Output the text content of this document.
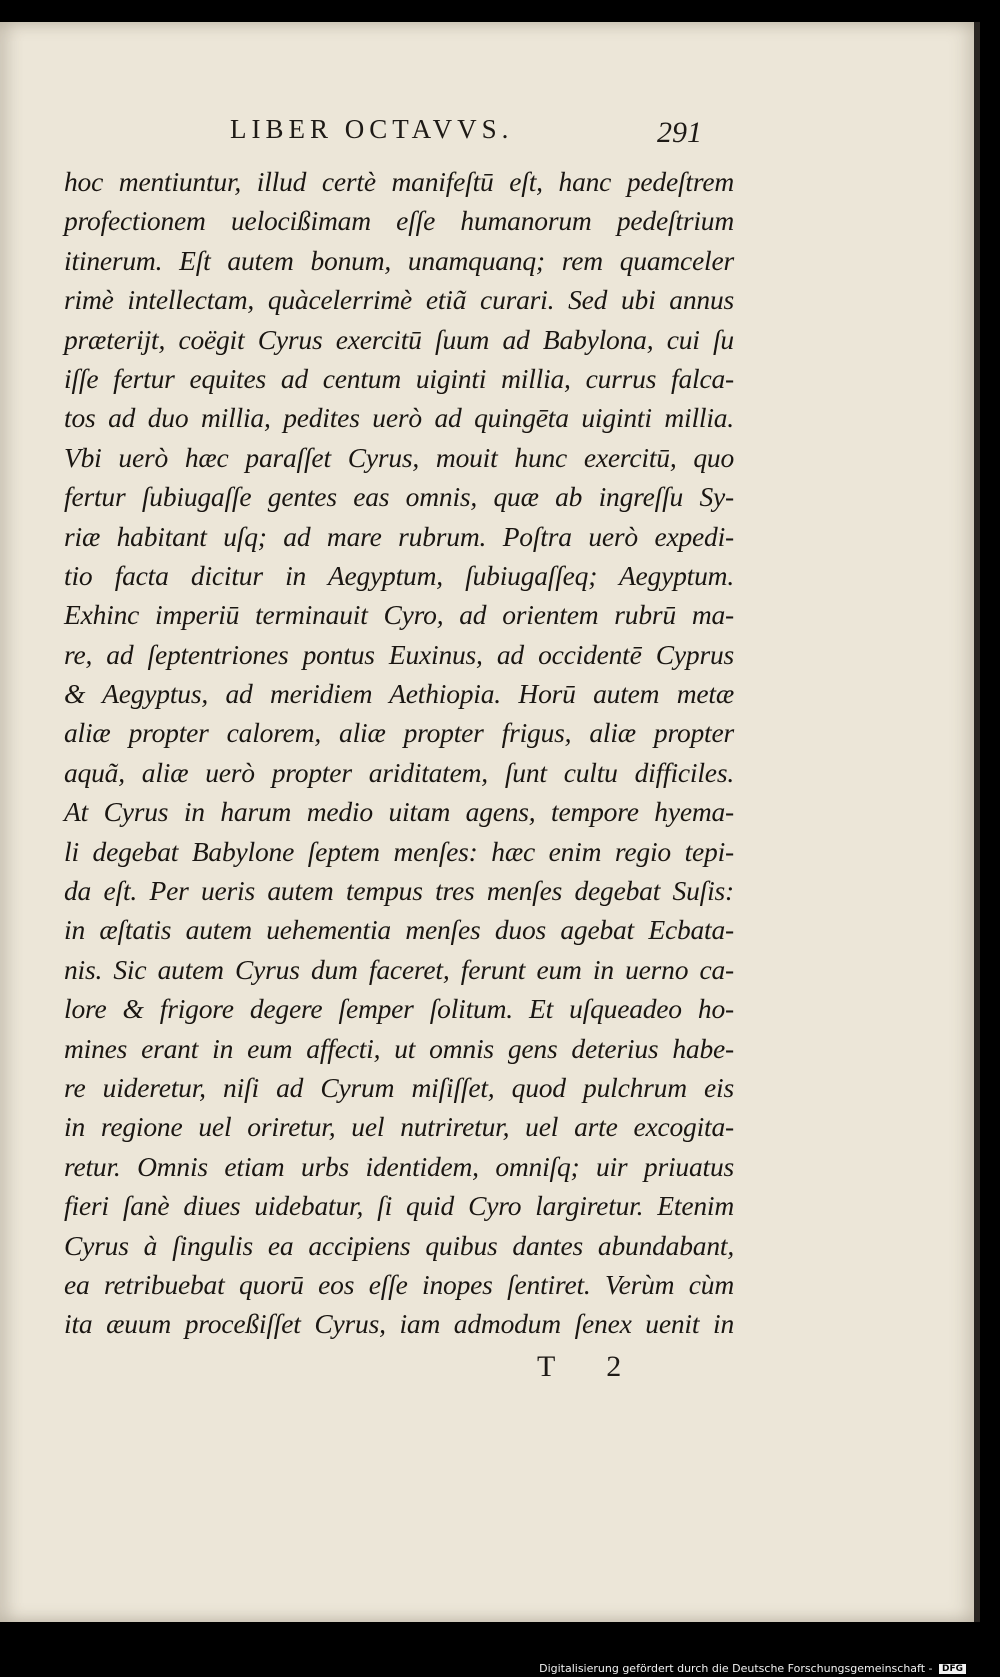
LIBER OCTAVVS.	291
hoc mentiuntur, illud certè manifeſtū eſt, hanc pedeſtrem
profectionem uelocißimam eſſe humanorum pedeſtrium
itinerum. Eſt autem bonum, unamquanq; rem quamceler
rimè intellectam, quàcelerrimè etiã curari. Sed ubi annus
præterijt, coëgit Cyrus exercitū ſuum ad Babylona, cui ſu
iſſe fertur equites ad centum uiginti millia, currus falca-
tos ad duo millia, pedites uerò ad quingēta uiginti millia.
Vbi uerò hæc paraſſet Cyrus, mouit hunc exercitū, quo
fertur ſubiugaſſe gentes eas omnis, quæ ab ingreſſu Sy-
riæ habitant uſq; ad mare rubrum. Poſtra uerò expedi-
tio facta dicitur in Aegyptum, ſubiugaſſeq; Aegyptum.
Exhinc imperiū terminauit Cyro, ad orientem rubrū ma-
re, ad ſeptentriones pontus Euxinus, ad occidentē Cyprus
& Aegyptus, ad meridiem Aethiopia. Horū autem metæ
aliæ propter calorem, aliæ propter frigus, aliæ propter
aquã, aliæ uerò propter ariditatem, ſunt cultu difficiles.
At Cyrus in harum medio uitam agens, tempore hyema-
li degebat Babylone ſeptem menſes: hæc enim regio tepi-
da eſt. Per ueris autem tempus tres menſes degebat Suſis:
in æſtatis autem uehementia menſes duos agebat Ecbata-
nis. Sic autem Cyrus dum faceret, ferunt eum in uerno ca-
lore & frigore degere ſemper ſolitum. Et uſqueadeo ho-
mines erant in eum affecti, ut omnis gens deterius habe-
re uideretur, niſi ad Cyrum miſiſſet, quod pulchrum eis
in regione uel oriretur, uel nutriretur, uel arte excogita-
retur. Omnis etiam urbs identidem, omniſq; uir priuatus
fieri ſanè diues uidebatur, ſi quid Cyro largiretur. Etenim
Cyrus à ſingulis ea accipiens quibus dantes abundabant,
ea retribuebat quorū eos eſſe inopes ſentiret. Verùm cùm
ita æuum proceßiſſet Cyrus, iam admodum ſenex uenit in
T 2
Digitalisierung gefördert durch die Deutsche Forschungsgemeinschaft - DFG
